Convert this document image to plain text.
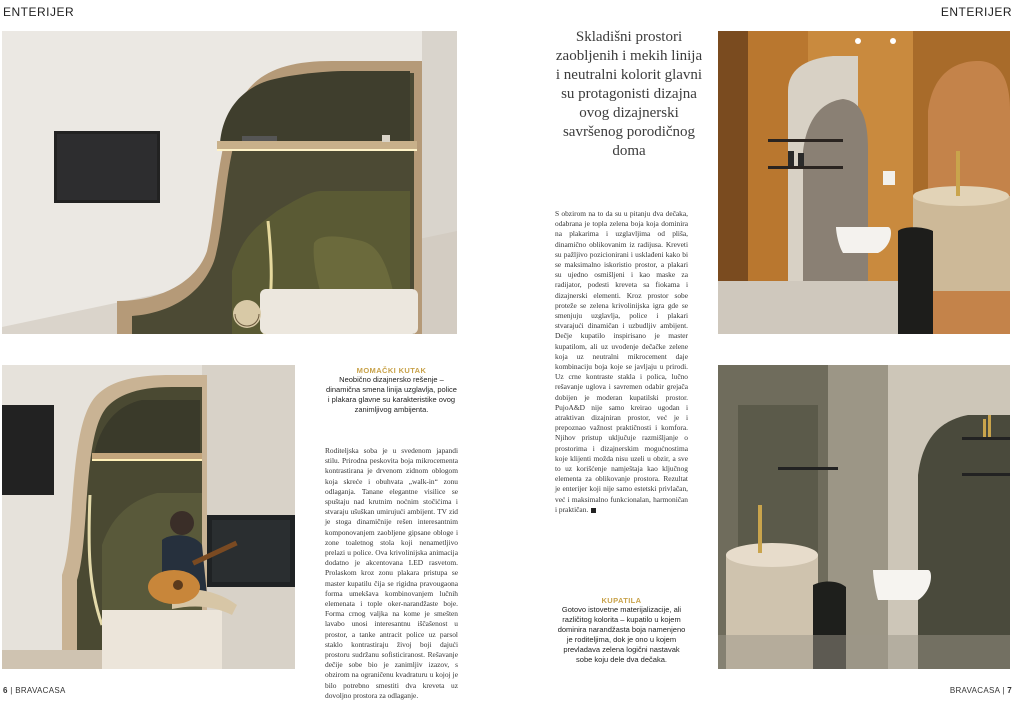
ENTERIJER	ENTERIJER
Skladišni prostori zaobljenih i mekih linija i neutralni kolorit glavni su protagonisti dizajna ovog dizajnerski savršenog porodičnog doma
MOMAČKI KUTAK
Neobično dizajnersko rešenje – dinamična smena linija uzglavlja, police i plakara glavne su karakteristike ovog zanimljivog ambijenta.

Roditeljska soba je u svedenom japandi stilu. Prirodna peskovita boja mikrocementa kontrastirana je drvenom zidnom oblogom koja skreće i obuhvata „walk-in“ zonu odlaganja. Tanane elegantne visilice se spuštaju nad krutnim noćnim stočićima i stvaraju ušuškan umirujući ambijent. TV zid je stoga dinamičnije rešen interesantnim komponovanjem zaobljene gipsane obloge i zone toaletnog stola koji nenametljivo prelazi u police. Ova krivolinijska animacija dodatno je akcentovana LED rasvetom. Prolaskom kroz zonu plakara pristupa se master kupatilu čija se rigidna pravougaona forma umekšava kombinovanjem lučnih elemenata i tople oker-narandžaste boje. Forma crnog valjka na kome je smešten lavabo unosi interesantnu iščašenost u prostor, a tanke antracit police uz parsol staklo kontrastiraju živoj boji dajući prostoru sudržanu sofisticiranost. Rešavanje dečije sobe bio je zanimljiv izazov, s obzirom na ograničenu kvadraturu u kojoj je bilo potrebno smestiti dva kreveta uz dovoljno prostora za odlaganje.

S obzirom na to da su u pitanju dva dečaka, odabrana je topla zelena boja koja dominira na plakarima i uzglavljima od pliša, dinamično oblikovanim iz radijusa. Kreveti su pažljivo pozicionirani i usklađeni kako bi se maksimalno iskoristio prostor, a plakari su ujedno osmišljeni i kao maske za radijator, podesti kreveta sa fiokama i dizajnerski elementi. Kroz prostor sobe proteže se zelena krivolinijska igra gde se smenjuju uzglavlja, police i plakari stvarajući dinamičan i uzbudljiv ambijent. Dečje kupatilo inspirisano je master kupatilom, ali uz uvođenje dečačke zelene koja uz neutralni mikrocement daje kombinaciju boja koje se javljaju u prirodi. Uz crne kontraste stakla i polica, lučno rešavanje uglova i savremen odabir grejača dobijen je moderan kupatilski prostor. PujoA&D nije samo kreirao ugodan i atraktivan dizajniran prostor, već je i prepoznao važnost praktičnosti i komfora. Njihov pristup uključuje razmišljanje o prostorima i dizajnerskim mogućnostima koje klijenti možda nisu uzeli u obzir, a sve to uz korišćenje namještaja kao ključnog elementa za oblikovanje prostora. Rezultat je enterijer koji nije samo estetski privlačan, već i maksimalno funkcionalan, harmoničan i praktičan.

KUPATILA
Gotovo istovetne materijalizacije, ali različitog kolorita – kupatilo u kojem dominira narandžasta boja namenjeno je roditeljima, dok je ono u kojem prevladava zelena logični nastavak sobe koju dele dva dečaka.
6 | BRAVACASA	BRAVACASA | 7
